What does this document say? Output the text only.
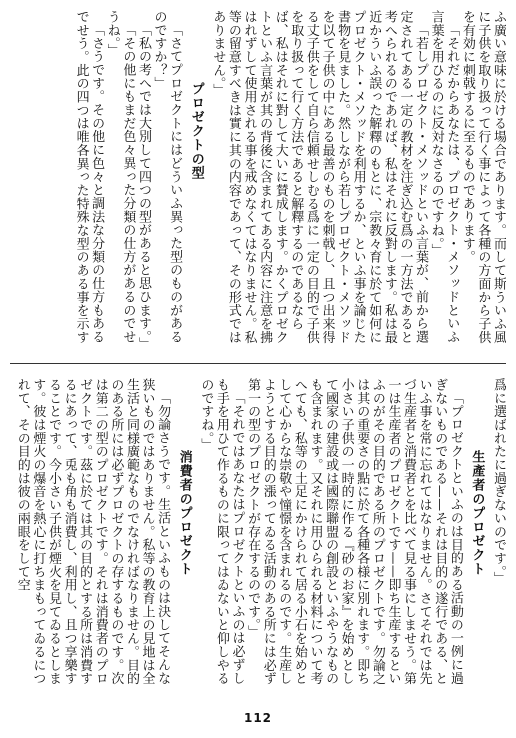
ふ廣い意味に於ける場合であります。而して斯ういふ風に子供を取り扱って行く事によって各種の方面から子供を有効に刺戟するに至るものであります。

「それだからあなたは、プロゼクト・メソッドといふ言葉を用ひるのに反対なさるのですね。」

「若しプロゼクト・メソッドといふ言葉が、前から選定されてある一定の教材を注ぎ込む爲の一方法であると考へられるのであれば、私はそれに反對します。私は最近かういふ誤った解釋のもとに、宗教々育に於て如何にプロゼクト・メソッドを利用するか、といふ事を論じた書物を見ました。然しながら若しプロゼクト・メソッドを以て子供の中にある最善のものを刺戟し、且つ出来得る丈子供をして自ら信頼せしむる爲に一定の目的で子供を取り扱って行く方法であると解釋するのであるならば、私はそれに對して大いに賛成します。かくプロゼクトといふ言葉が其の背後に含まれてある内容に注意を拂はれずして使用される事を戒めなくてはなりません。私等の留意すべきは實に其の内容であって、その形式ではありません。」

プロゼクトの型

「さてプロゼクトにはどういふ異った型のものがあるのですか？」

「私の考へでは大別して四つの型があると思ひます。」

「その他にもまだ色々異った分類の仕方があるのでせうね。」

「さうです。その他に色々と調法な分類の仕方もあるでせう。此の四つは唯各異った特殊な型のある事を示す

爲に選ばれたに過ぎないのです。」

生產者のプロゼクト

「プロゼクトといふのは目的ある活動の一例に過ぎないものである——それは目的の遂行である、といふ事を常に忘れてはなりません。さてそれでは先づ生産者と消費者とを比べて見る事にしませう。第一は生産者のプロゼクトです——即ち生産するといふのがその目的である所のプロゼクトです。勿論之は其の重要さの點に於て各種各様に別れます。即ち小さい子供の一時的に作る『砂のお家』を始めとして國家の建設或は國際聯盟の創設といふやうなものも含まれます。又それに用ひられる材料について考へても、私等の土足にかけられて居る小石を始めとして心からな崇敬や憧憬を含まれるのです。生産しようとする目的の漲ってゐる活動のある所には必ず第一の型のプロゼクトが存在するのです。」

「それではあなたはプロゼクトといふのは必ずしも手を用ひて作るものに限ってはゐないと仰しやるのですね。」

消費者のプロゼクト

「勿論さうです。生活といふものは決してそんな狭いものではありません。私等の教育上の見地は全生活と同様廣範なものでなければなりません。目的のある所には必ずプロゼクトの存するものです。次は第二の型のプロゼクトです。それは消費者のプロゼクトです。茲に於ては其の目的とする所は消費するにあって、兎も角も消費し、利用し、且つ享樂することです。今小さい子供が煙火を見てゐるとします。彼は煙火の爆音を熱心に打ちまもってゐるにつれて、その目的は彼の兩眼をして空

112
